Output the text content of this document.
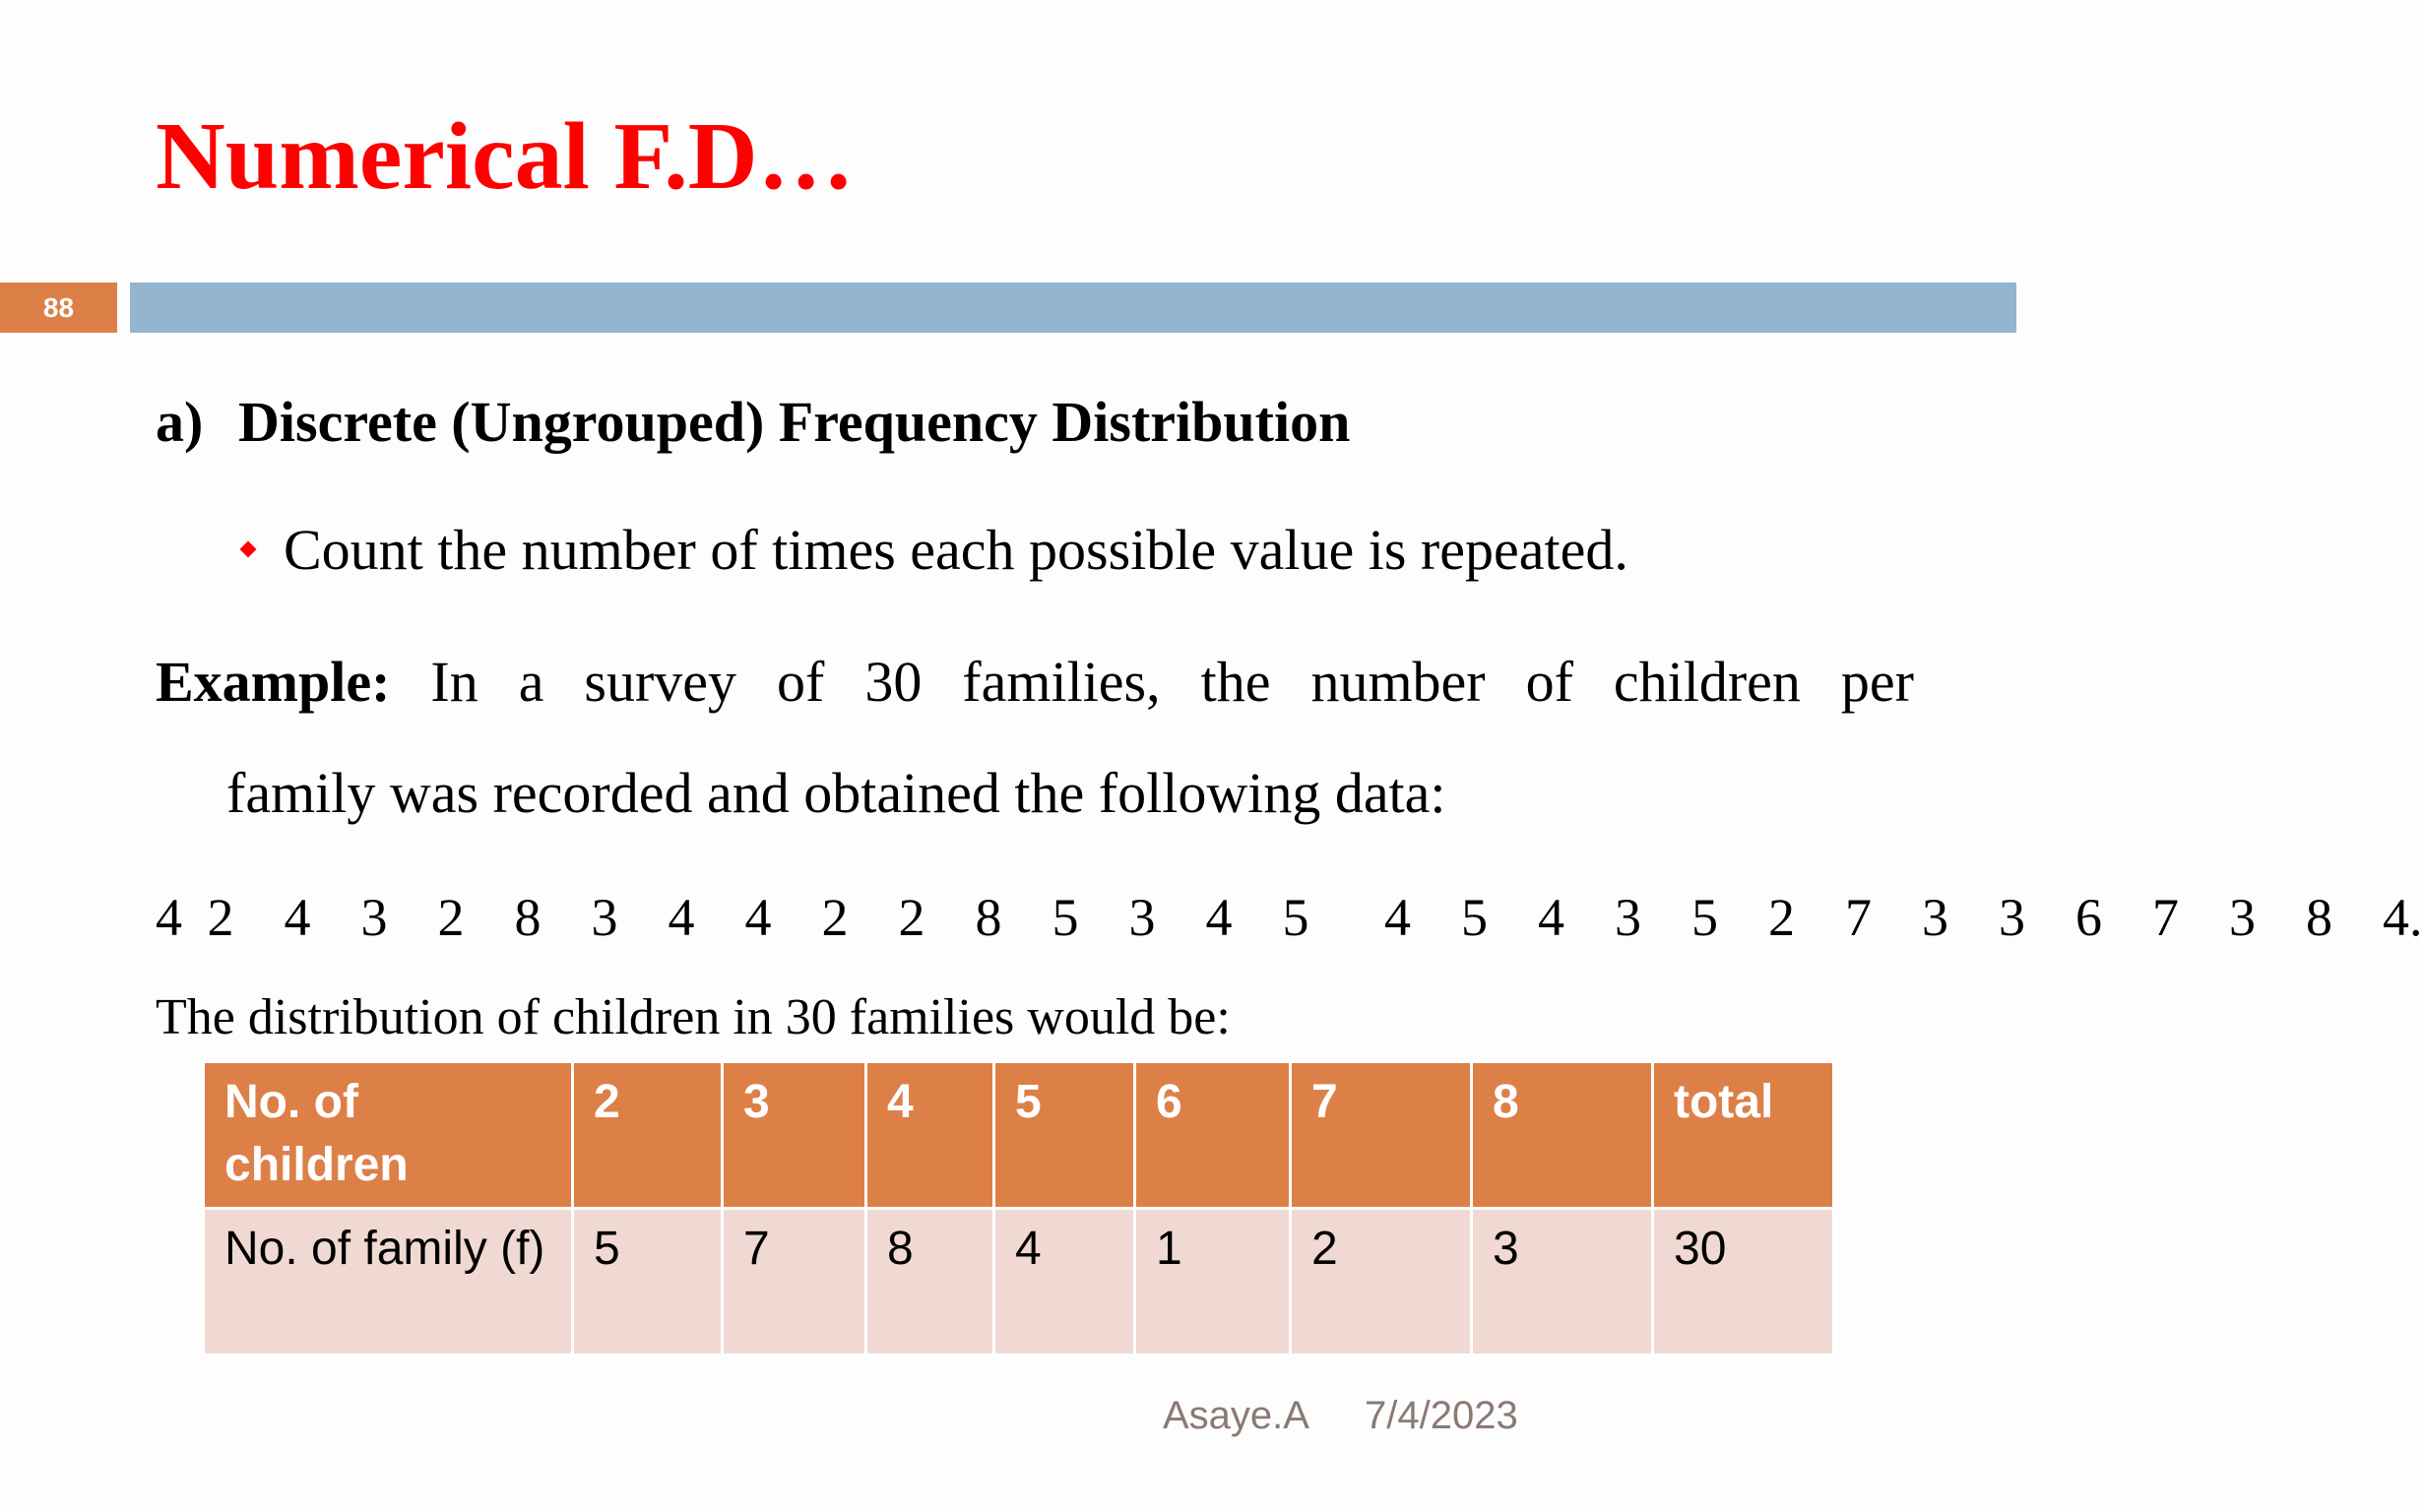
Numerical F.D…
88
a) Discrete (Ungrouped) Frequency Distribution
Count the number of times each possible value is repeated.
Example: In a survey of 30 families, the number of children per
family was recorded and obtained the following data:
4 2  4  3  2  8  3  4  4  2  2  8  5  3  4  5   4  5  4  3  5  2  7  3  3  6  7  3  8  4.
The distribution of children in 30 families would be:
No. of children	2	3	4	5	6	7	8	total
No. of family (f)	5	7	8	4	1	2	3	30
Asaye.A 7/4/2023
